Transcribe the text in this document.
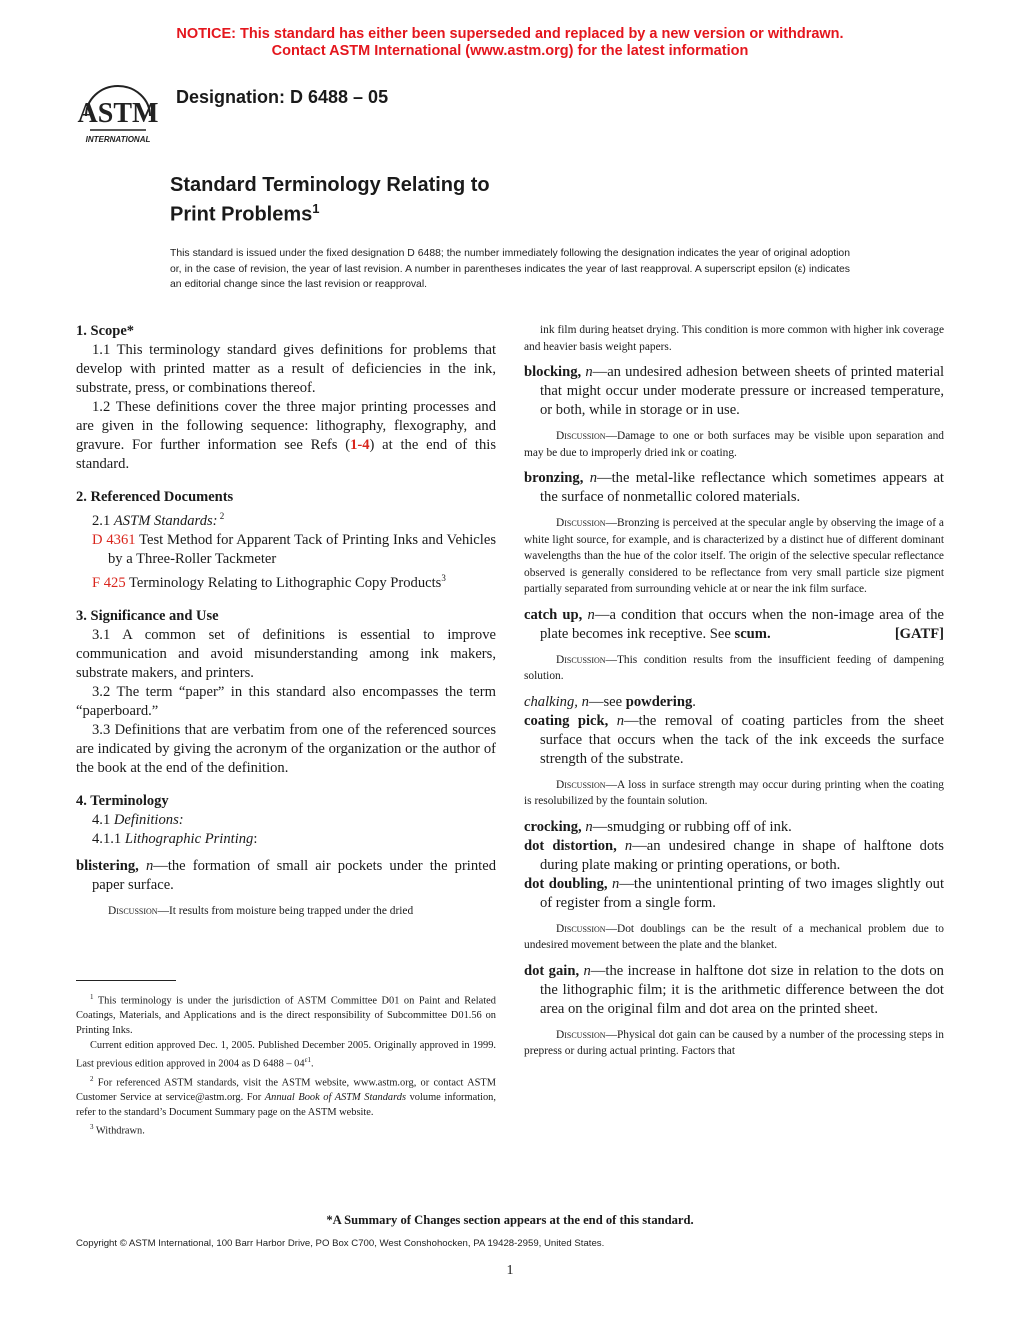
NOTICE: This standard has either been superseded and replaced by a new version or withdrawn.
Contact ASTM International (www.astm.org) for the latest information
ASTM
INTERNATIONAL
Designation: D 6488 – 05
Standard Terminology Relating to
Print Problems$^1$
This standard is issued under the fixed designation D 6488; the number immediately following the designation indicates the year of original adoption or, in the case of revision, the year of last revision. A number in parentheses indicates the year of last reapproval. A superscript epsilon (ε) indicates an editorial change since the last revision or reapproval.

1. Scope*

1.1 This terminology standard gives definitions for problems that develop with printed matter as a result of deficiencies in the ink, substrate, press, or combinations thereof.

1.2 These definitions cover the three major printing processes and are given in the following sequence: lithography, flexography, and gravure. For further information see Refs (1-4) at the end of this standard.

2. Referenced Documents

2.1 ASTM Standards: $^2$

D 4361 Test Method for Apparent Tack of Printing Inks and Vehicles by a Three-Roller Tackmeter

F 425 Terminology Relating to Lithographic Copy Products$^3$

3. Significance and Use

3.1 A common set of definitions is essential to improve communication and avoid misunderstanding among ink makers, substrate makers, and printers.

3.2 The term “paper” in this standard also encompasses the term “paperboard.”

3.3 Definitions that are verbatim from one of the referenced sources are indicated by giving the acronym of the organization or the author of the book at the end of the definition.

4. Terminology

4.1 Definitions:

4.1.1 Lithographic Printing:

blistering, n—the formation of small air pockets under the printed paper surface.

Discussion—It results from moisture being trapped under the dried

$^1$ This terminology is under the jurisdiction of ASTM Committee D01 on Paint and Related Coatings, Materials, and Applications and is the direct responsibility of Subcommittee D01.56 on Printing Inks.

Current edition approved Dec. 1, 2005. Published December 2005. Originally approved in 1999. Last previous edition approved in 2004 as D $6488 - 04^{\varepsilon 1}$.

$^2$ For referenced ASTM standards, visit the ASTM website, www.astm.org, or contact ASTM Customer Service at service@astm.org. For Annual Book of ASTM Standards volume information, refer to the standard’s Document Summary page on the ASTM website.

$^3$ Withdrawn.

ink film during heatset drying. This condition is more common with higher ink coverage and heavier basis weight papers.

blocking, n—an undesired adhesion between sheets of printed material that might occur under moderate pressure or increased temperature, or both, while in storage or in use.

Discussion—Damage to one or both surfaces may be visible upon separation and may be due to improperly dried ink or coating.

bronzing, n—the metal-like reflectance which sometimes appears at the surface of nonmetallic colored materials.

Discussion—Bronzing is perceived at the specular angle by observing the image of a white light source, for example, and is characterized by a distinct hue of different dominant wavelengths than the hue of the color itself. The origin of the selective specular reflectance observed is generally considered to be reflectance from very small particle size pigment partially separated from surrounding vehicle at or near the ink film surface.

catch up, n—a condition that occurs when the non-image area of the plate becomes ink receptive. See scum.	[GATF]

Discussion—This condition results from the insufficient feeding of dampening solution.

chalking, n—see powdering.

coating pick, n—the removal of coating particles from the sheet surface that occurs when the tack of the ink exceeds the surface strength of the substrate.

Discussion—A loss in surface strength may occur during printing when the coating is resolubilized by the fountain solution.

crocking, n—smudging or rubbing off of ink.

dot distortion, n—an undesired change in shape of halftone dots during plate making or printing operations, or both.

dot doubling, n—the unintentional printing of two images slightly out of register from a single form.

Discussion—Dot doublings can be the result of a mechanical problem due to undesired movement between the plate and the blanket.

dot gain, n—the increase in halftone dot size in relation to the dots on the lithographic film; it is the arithmetic difference between the dot area on the original film and dot area on the printed sheet.

Discussion—Physical dot gain can be caused by a number of the processing steps in prepress or during actual printing. Factors that

*A Summary of Changes section appears at the end of this standard.
Copyright © ASTM International, 100 Barr Harbor Drive, PO Box C700, West Conshohocken, PA 19428-2959, United States.
1
